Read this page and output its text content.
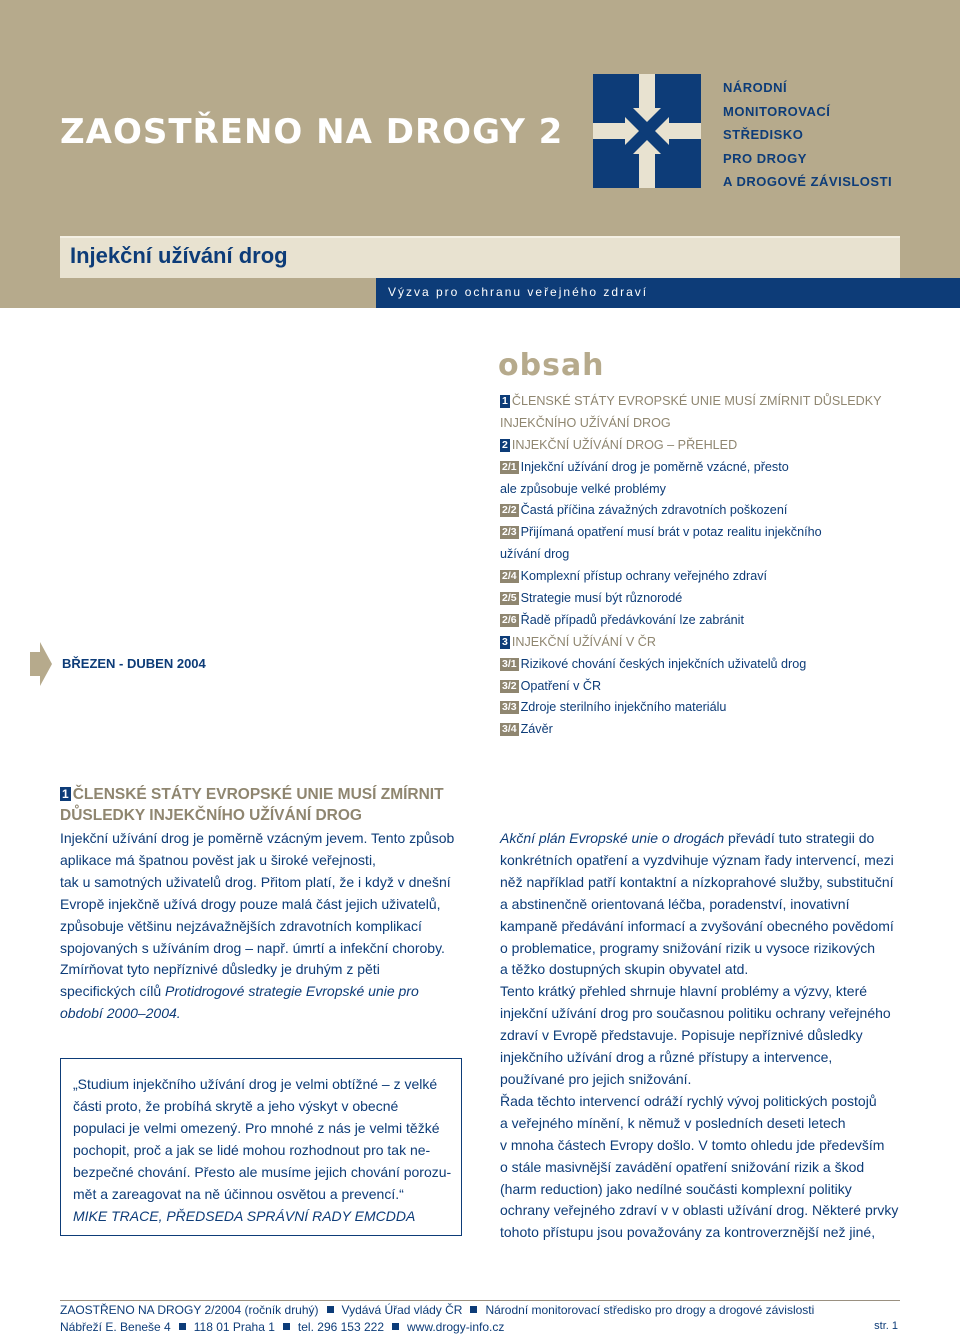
ZAOSTŘENO NA DROGY 2
NÁRODNÍ
MONITOROVACÍ
STŘEDISKO
PRO DROGY
A DROGOVÉ ZÁVISLOSTI
Injekční užívání drog
Výzva pro ochranu veřejného zdraví
obsah
1 ČLENSKÉ STÁTY EVROPSKÉ UNIE MUSÍ ZMÍRNIT DŮSLEDKY
INJEKČNÍHO UŽÍVÁNÍ DROG
2 INJEKČNÍ UŽÍVÁNÍ DROG – PŘEHLED
2/1 Injekční užívání drog je poměrně vzácné, přesto
ale způsobuje velké problémy
2/2 Častá příčina závažných zdravotních poškození
2/3 Přijímaná opatření musí brát v potaz realitu injekčního
užívání drog
2/4 Komplexní přístup ochrany veřejného zdraví
2/5 Strategie musí být různorodé
2/6 Řadě případů předávkování lze zabránit
3 INJEKČNÍ UŽÍVÁNÍ V ČR
3/1 Rizikové chování českých injekčních uživatelů drog
3/2 Opatření v ČR
3/3 Zdroje sterilního injekčního materiálu
3/4 Závěr
BŘEZEN - DUBEN 2004
1 ČLENSKÉ STÁTY EVROPSKÉ UNIE MUSÍ ZMÍRNIT
DŮSLEDKY INJEKČNÍHO UŽÍVÁNÍ DROG

Injekční užívání drog je poměrně vzácným jevem. Tento způsob

aplikace má špatnou pověst jak u široké veřejnosti,

tak u samotných uživatelů drog. Přitom platí, že i když v dnešní

Evropě injekčně užívá drogy pouze malá část jejich uživatelů,

způsobuje většinu nejzávažnějších zdravotních komplikací

spojovaných s užíváním drog – např. úmrtí a infekční choroby.

Zmírňovat tyto nepříznivé důsledky je druhým z pěti

specifických cílů Protidrogové strategie Evropské unie pro

období 2000–2004.

Akční plán Evropské unie o drogách převádí tuto strategii do

konkrétních opatření a vyzdvihuje význam řady intervencí, mezi

něž například patří kontaktní a nízkoprahové služby, substituční

a abstinenčně orientovaná léčba, poradenství, inovativní

kampaně předávání informací a zvyšování obecného povědomí

o problematice, programy snižování rizik u vysoce rizikových

a těžko dostupných skupin obyvatel atd.

Tento krátký přehled shrnuje hlavní problémy a výzvy, které

injekční užívání drog pro současnou politiku ochrany veřejného

zdraví v Evropě představuje. Popisuje nepříznivé důsledky

injekčního užívání drog a různé přístupy a intervence,

používané pro jejich snižování.

Řada těchto intervencí odráží rychlý vývoj politických postojů

a veřejného mínění, k němuž v posledních deseti letech

v mnoha částech Evropy došlo. V tomto ohledu jde především

o stále masivnější zavádění opatření snižování rizik a škod

(harm reduction) jako nedílné součásti komplexní politiky

ochrany veřejného zdraví v v oblasti užívání drog. Některé prvky

tohoto přístupu jsou považovány za kontroverznější než jiné,

„Studium injekčního užívání drog je velmi obtížné – z velké
části proto, že probíhá skrytě a jeho výskyt v obecné
populaci je velmi omezený. Pro mnohé z nás je velmi těžké
pochopit, proč a jak se lidé mohou rozhodnout pro tak ne-
bezpečné chování. Přesto ale musíme jejich chování porozu-
mět a zareagovat na ně účinnou osvětou a prevencí.“
MIKE TRACE, PŘEDSEDA SPRÁVNÍ RADY EMCDDA
ZAOSTŘENO NA DROGY 2/2004 (ročník druhý) Vydává Úřad vlády ČR Národní monitorovací středisko pro drogy a drogové závislosti
Nábřeží E. Beneše 4 118 01 Praha 1 tel. 296 153 222 www.drogy-info.cz	str. 1
